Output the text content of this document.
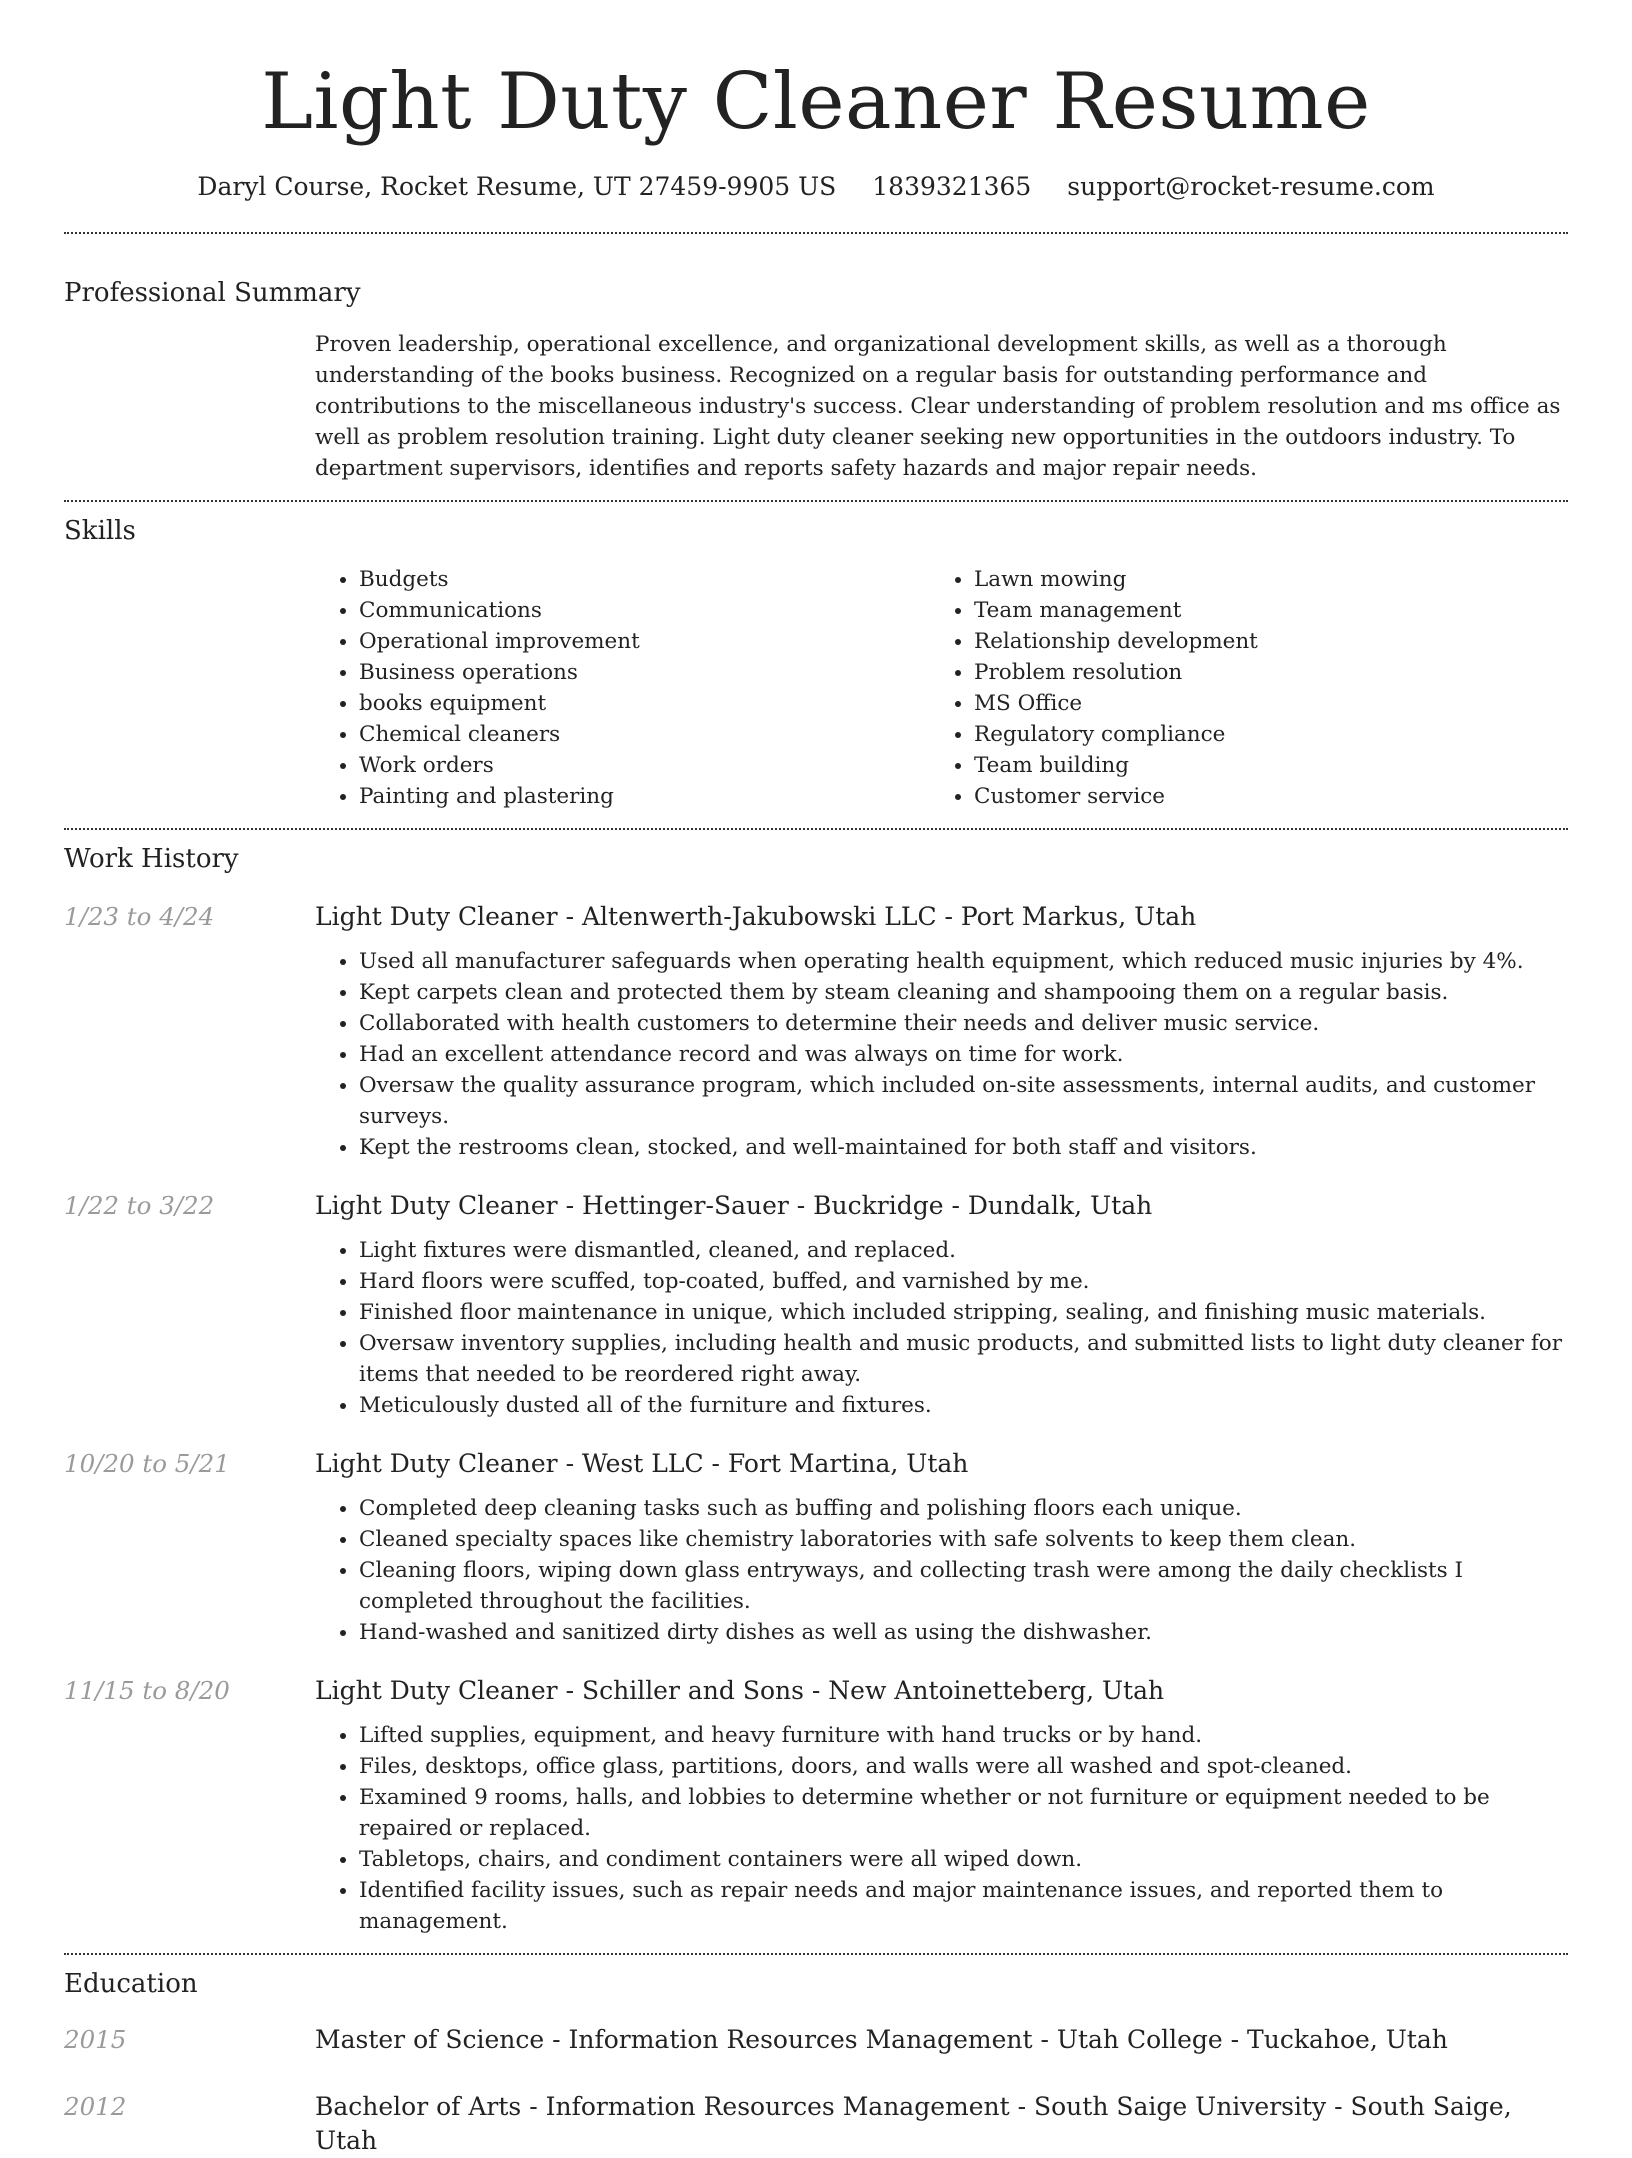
Light Duty Cleaner Resume
Daryl Course, Rocket Resume, UT 27459-9905 US 1839321365 support@rocket-resume.com
Professional Summary

Proven leadership, operational excellence, and organizational development skills, as well as a thorough understanding of the books business. Recognized on a regular basis for outstanding performance and contributions to the miscellaneous industry's success. Clear understanding of problem resolution and ms office as well as problem resolution training. Light duty cleaner seeking new opportunities in the outdoors industry. To department supervisors, identifies and reports safety hazards and major repair needs.

Skills
• Budgets
• Communications
• Operational improvement
• Business operations
• books equipment
• Chemical cleaners
• Work orders
• Painting and plastering
• Lawn mowing
• Team management
• Relationship development
• Problem resolution
• MS Office
• Regulatory compliance
• Team building
• Customer service
Work History
1/23 to 4/24	Light Duty Cleaner - Altenwerth-Jakubowski LLC - Port Markus, Utah
• Used all manufacturer safeguards when operating health equipment, which reduced music injuries by 4%.
• Kept carpets clean and protected them by steam cleaning and shampooing them on a regular basis.
• Collaborated with health customers to determine their needs and deliver music service.
• Had an excellent attendance record and was always on time for work.
• Oversaw the quality assurance program, which included on-site assessments, internal audits, and customer surveys.
• Kept the restrooms clean, stocked, and well-maintained for both staff and visitors.
1/22 to 3/22	Light Duty Cleaner - Hettinger-Sauer - Buckridge - Dundalk, Utah
• Light fixtures were dismantled, cleaned, and replaced.
• Hard floors were scuffed, top-coated, buffed, and varnished by me.
• Finished floor maintenance in unique, which included stripping, sealing, and finishing music materials.
• Oversaw inventory supplies, including health and music products, and submitted lists to light duty cleaner for items that needed to be reordered right away.
• Meticulously dusted all of the furniture and fixtures.
10/20 to 5/21	Light Duty Cleaner - West LLC - Fort Martina, Utah
• Completed deep cleaning tasks such as buffing and polishing floors each unique.
• Cleaned specialty spaces like chemistry laboratories with safe solvents to keep them clean.
• Cleaning floors, wiping down glass entryways, and collecting trash were among the daily checklists I completed throughout the facilities.
• Hand-washed and sanitized dirty dishes as well as using the dishwasher.
11/15 to 8/20	Light Duty Cleaner - Schiller and Sons - New Antoinetteberg, Utah
• Lifted supplies, equipment, and heavy furniture with hand trucks or by hand.
• Files, desktops, office glass, partitions, doors, and walls were all washed and spot-cleaned.
• Examined 9 rooms, halls, and lobbies to determine whether or not furniture or equipment needed to be repaired or replaced.
• Tabletops, chairs, and condiment containers were all wiped down.
• Identified facility issues, such as repair needs and major maintenance issues, and reported them to management.
Education
2015	Master of Science - Information Resources Management - Utah College - Tuckahoe, Utah
2012	Bachelor of Arts - Information Resources Management - South Saige University - South Saige, Utah
